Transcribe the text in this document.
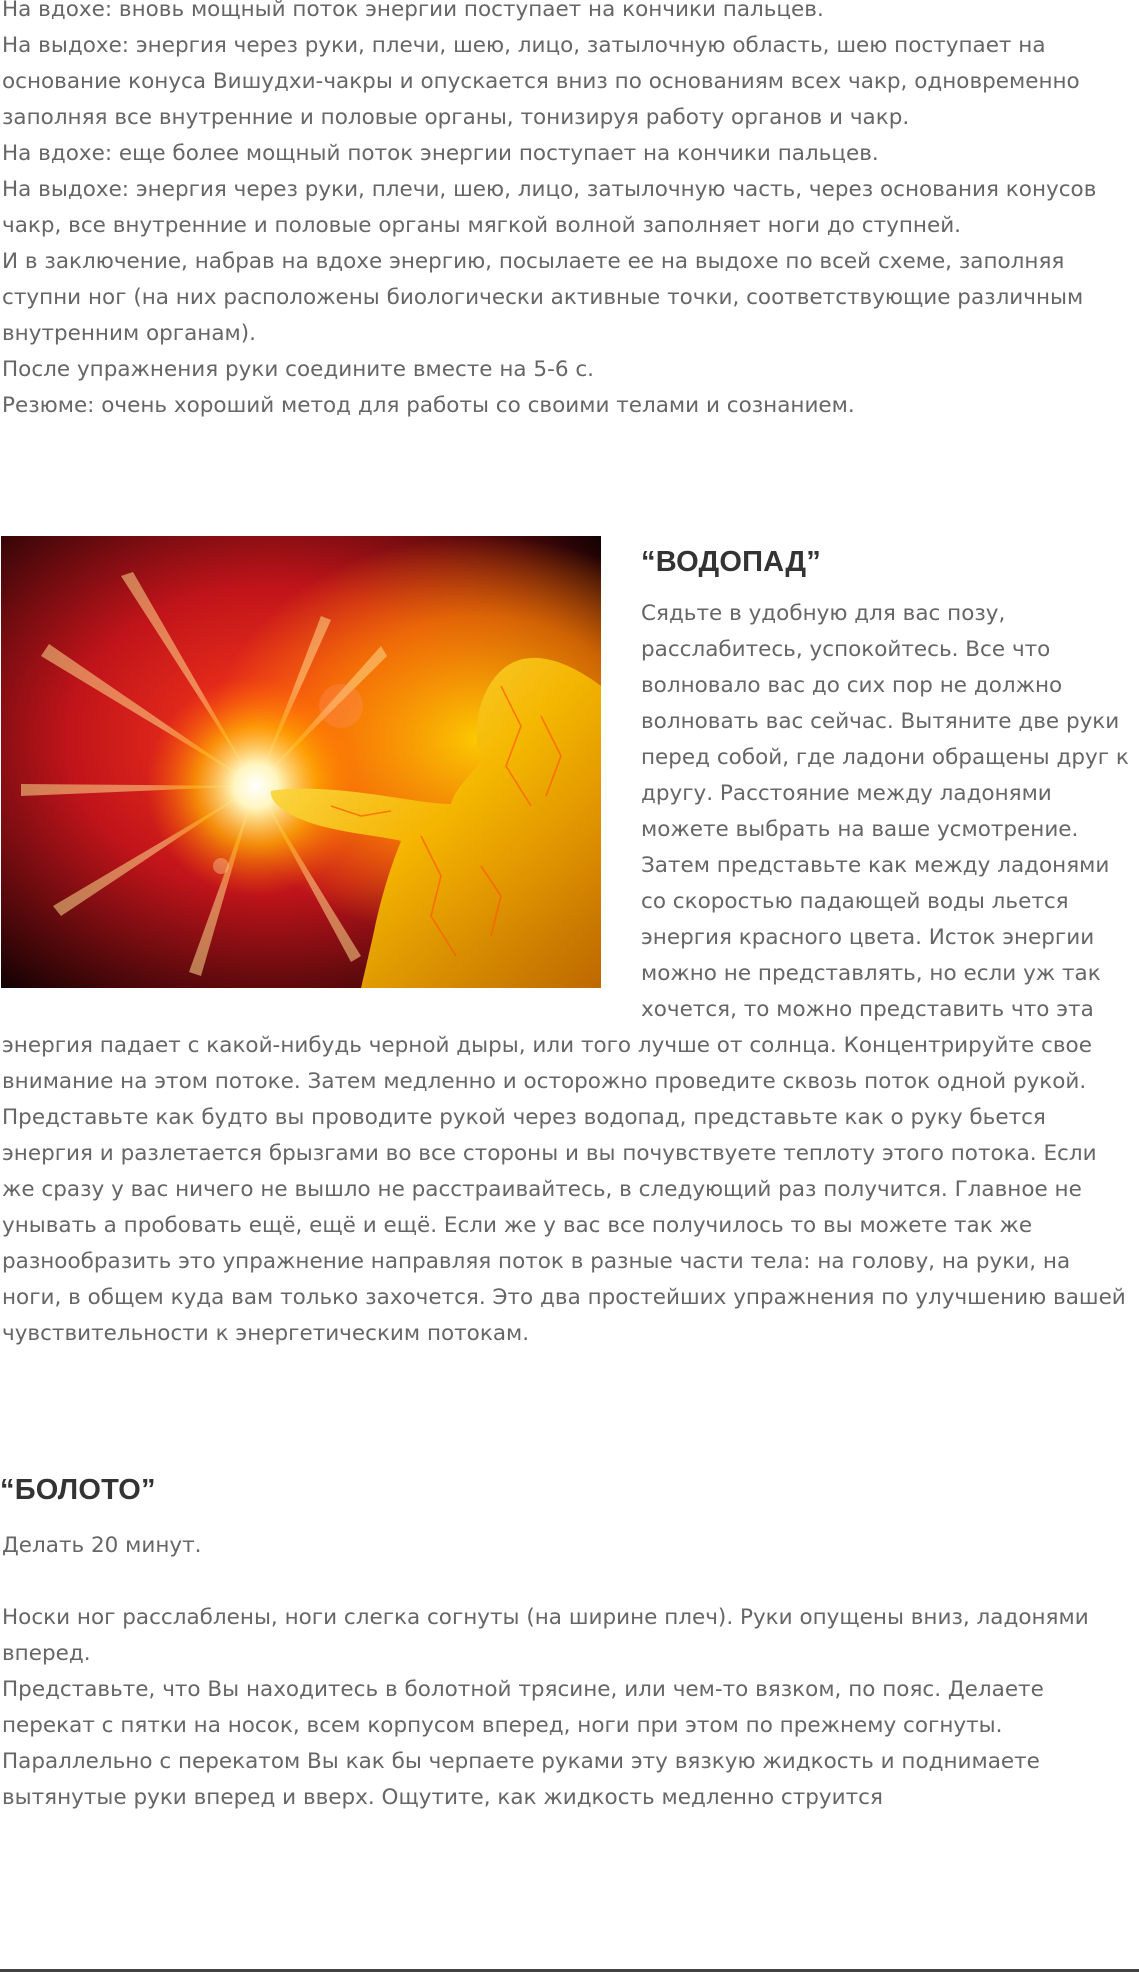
На вдохе: вновь мощный поток энергии поступает на кончики пальцев.

На выдохе: энергия через руки, плечи, шею, лицо, затылочную область, шею поступает на основание конуса Вишудхи-чакры и опускается вниз по основаниям всех чакр, одновременно заполняя все внутренние и половые органы, тонизируя работу органов и чакр.

На вдохе: еще более мощный поток энергии поступает на кончики пальцев.

На выдохе: энергия через руки, плечи, шею, лицо, затылочную часть, через основания конусов чакр, все внутренние и половые органы мягкой волной заполняет ноги до ступней.

И в заключение, набрав на вдохе энергию, посылаете ее на выдохе по всей схеме, заполняя ступни ног (на них расположены биологически активные точки, соответствующие различным внутренним органам).

После упражнения руки соедините вместе на 5-6 с.

Резюме: очень хороший метод для работы со своими телами и сознанием.

“ВОДОПАД”

Сядьте в удобную для вас позу, расслабитесь, успокойтесь. Все что волновало вас до сих пор не должно волновать вас сейчас. Вытяните две руки перед собой, где ладони обращены друг к другу. Расстояние между ладонями можете выбрать на ваше усмотрение. Затем представьте как между ладонями со скоростью падающей воды льется энергия красного цвета. Исток энергии можно не представлять, но если уж так хочется, то можно представить что эта энергия падает с какой-нибудь черной дыры, или того лучше от солнца. Концентрируйте свое внимание на этом потоке. Затем медленно и осторожно проведите сквозь поток одной рукой. Представьте как будто вы проводите рукой через водопад, представьте как о руку бьется энергия и разлетается брызгами во все стороны и вы почувствуете теплоту этого потока. Если же сразу у вас ничего не вышло не расстраивайтесь, в следующий раз получится. Главное не унывать а пробовать ещё, ещё и ещё. Если же у вас все получилось то вы можете так же разнообразить это упражнение направляя поток в разные части тела: на голову, на руки, на ноги, в общем куда вам только захочется. Это два простейших упражнения по улучшению вашей чувствительности к энергетическим потокам.

“БОЛОТО”

Делать 20 минут.

Носки ног расслаблены, ноги слегка согнуты (на ширине плеч). Руки опущены вниз, ладонями вперед.

Представьте, что Вы находитесь в болотной трясине, или чем-то вязком, по пояс. Делаете перекат с пятки на носок, всем корпусом вперед, ноги при этом по прежнему согнуты. Параллельно с перекатом Вы как бы черпаете руками эту вязкую жидкость и поднимаете вытянутые руки вперед и вверх. Ощутите, как жидкость медленно струится
